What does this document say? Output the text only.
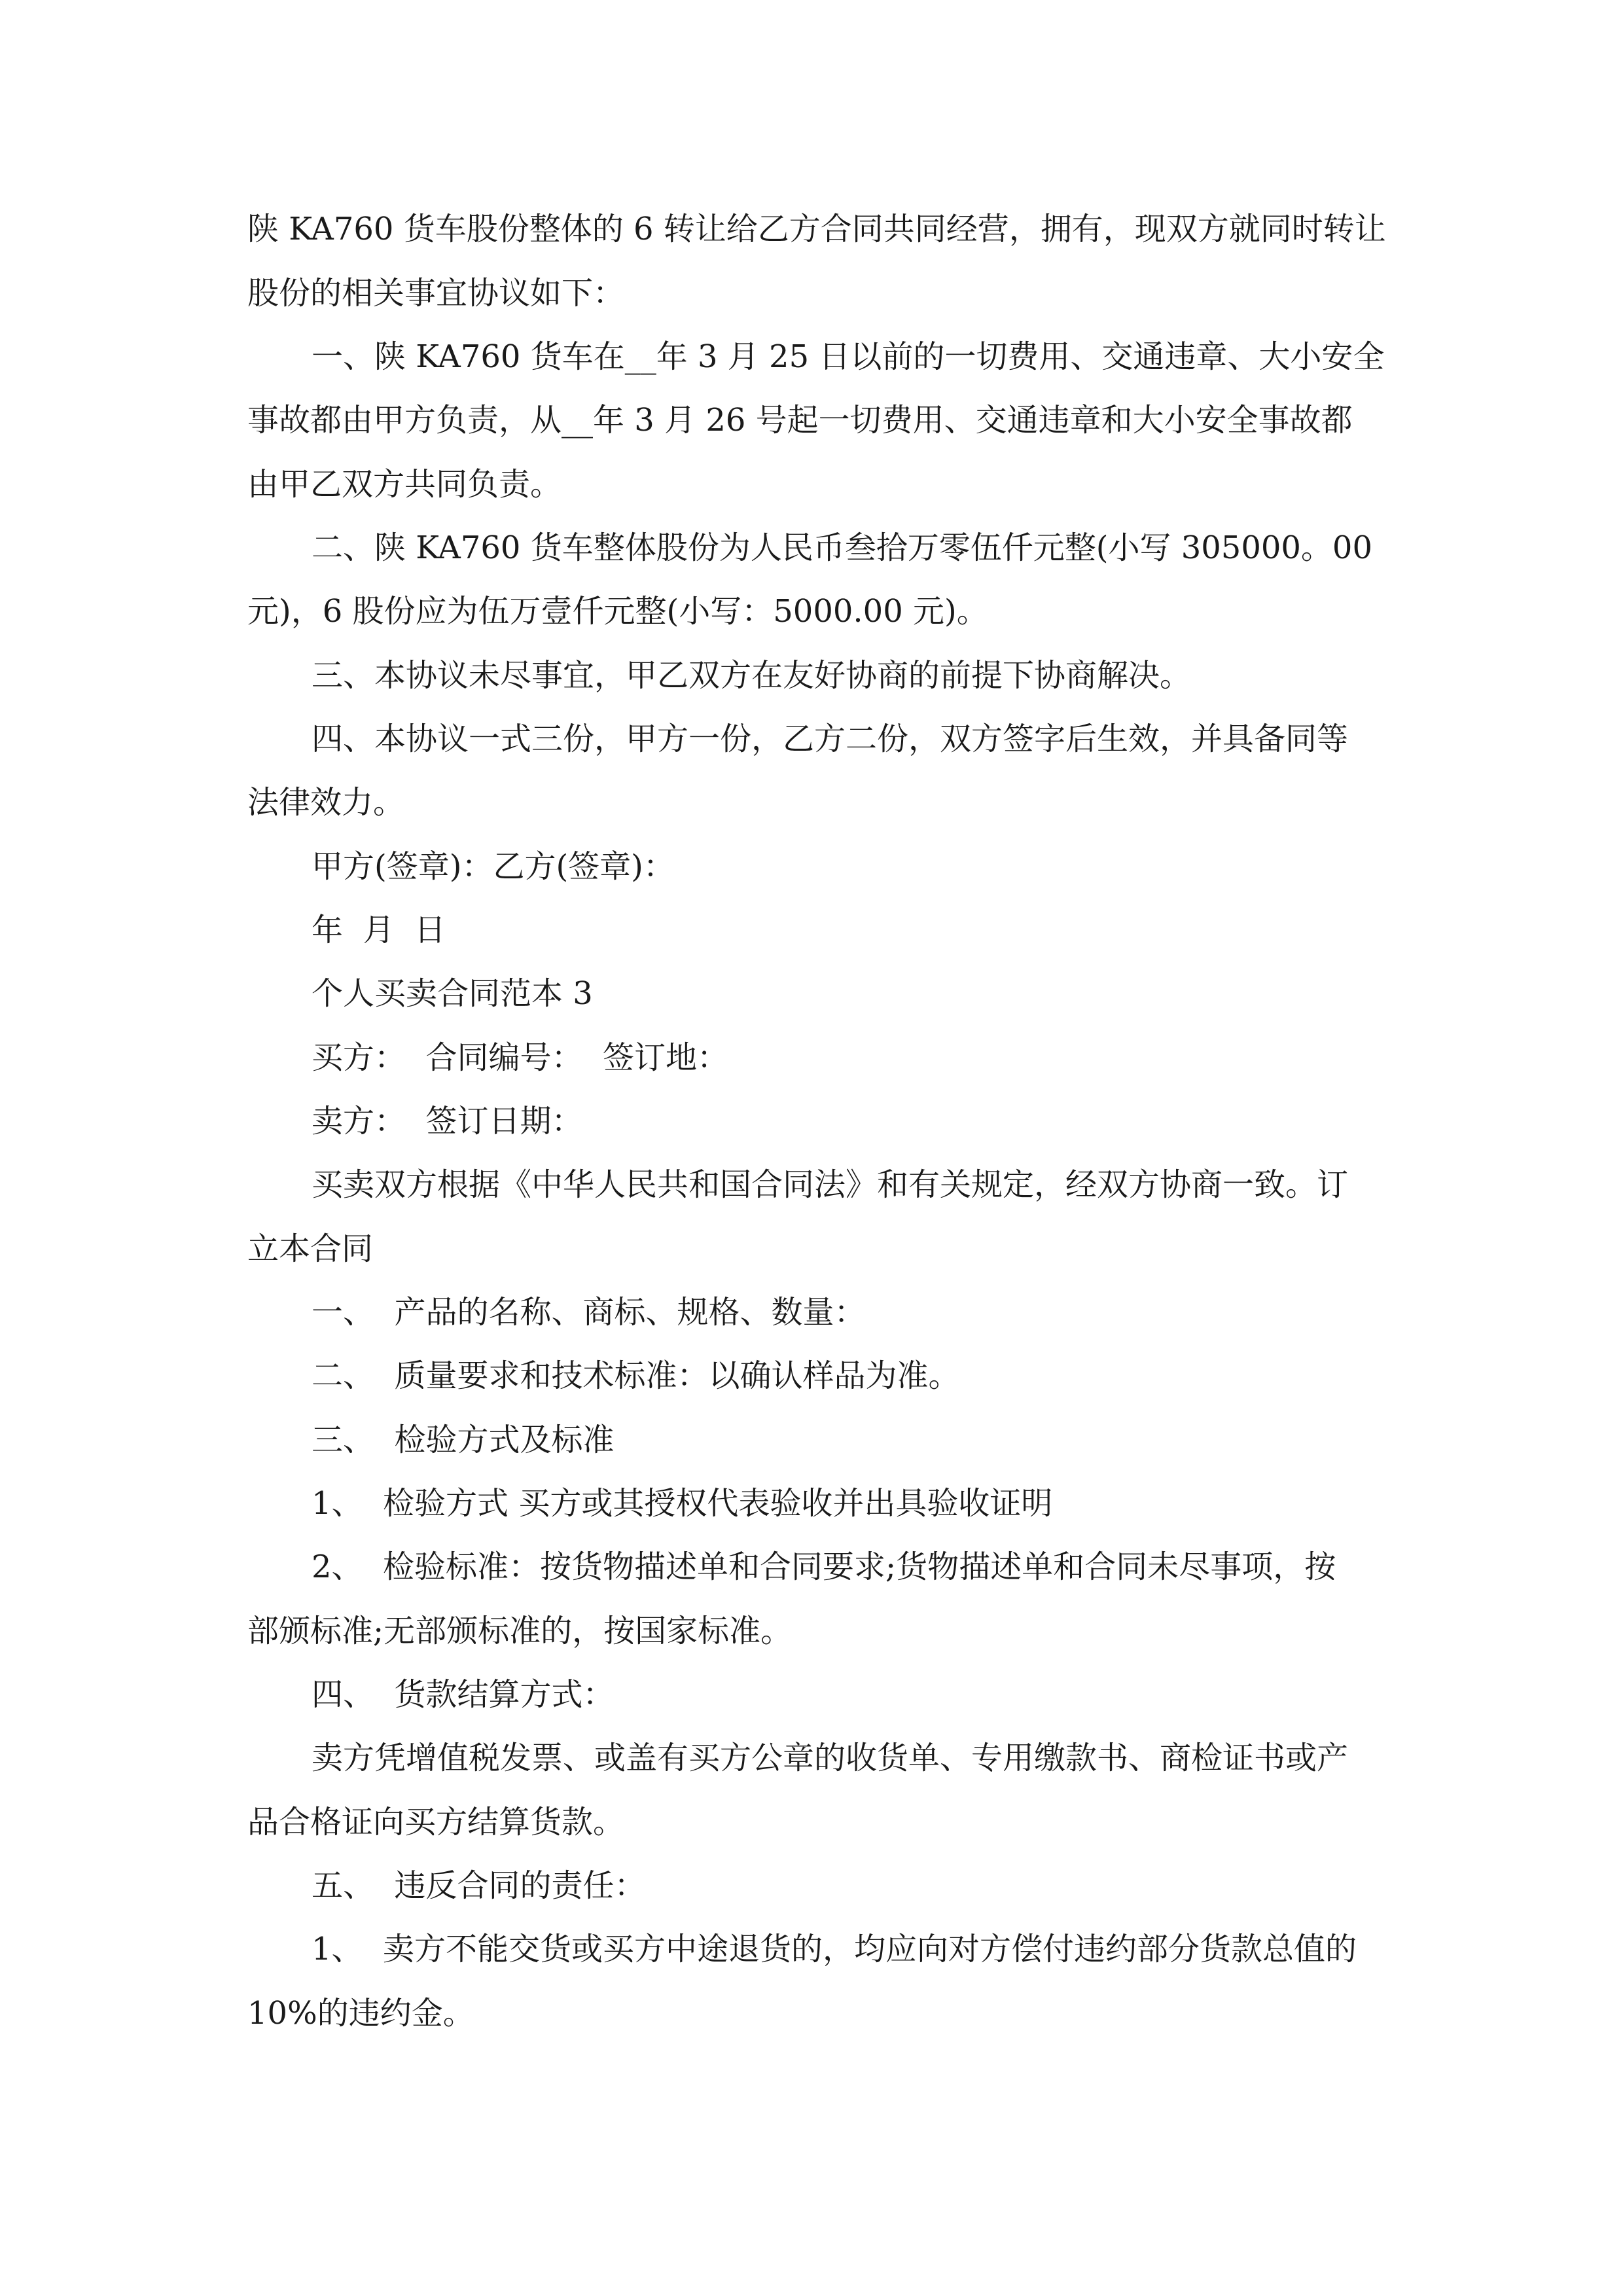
陕 KA760 货车股份整体的 6 转让给乙方合同共同经营，拥有，现双方就同时转让
股份的相关事宜协议如下：
一、陕 KA760 货车在__年 3 月 25 日以前的一切费用、交通违章、大小安全
事故都由甲方负责，从__年 3 月 26 号起一切费用、交通违章和大小安全事故都
由甲乙双方共同负责。
二、陕 KA760 货车整体股份为人民币叁拾万零伍仟元整(小写 305000。00
元)，6 股份应为伍万壹仟元整(小写：5000.00 元)。
三、本协议未尽事宜，甲乙双方在友好协商的前提下协商解决。
四、本协议一式三份，甲方一份，乙方二份，双方签字后生效，并具备同等
法律效力。
甲方(签章)：乙方(签章)：
年  月  日
个人买卖合同范本 3
买方：  合同编号：  签订地：
卖方：  签订日期：
买卖双方根据《中华人民共和国合同法》和有关规定，经双方协商一致。订
立本合同
一、  产品的名称、商标、规格、数量：
二、  质量要求和技术标准：以确认样品为准。
三、  检验方式及标准
1、  检验方式 买方或其授权代表验收并出具验收证明
2、  检验标准：按货物描述单和合同要求;货物描述单和合同未尽事项，按
部颁标准;无部颁标准的，按国家标准。
四、  货款结算方式：
卖方凭增值税发票、或盖有买方公章的收货单、专用缴款书、商检证书或产
品合格证向买方结算货款。
五、  违反合同的责任：
1、  卖方不能交货或买方中途退货的，均应向对方偿付违约部分货款总值的
10%的违约金。
